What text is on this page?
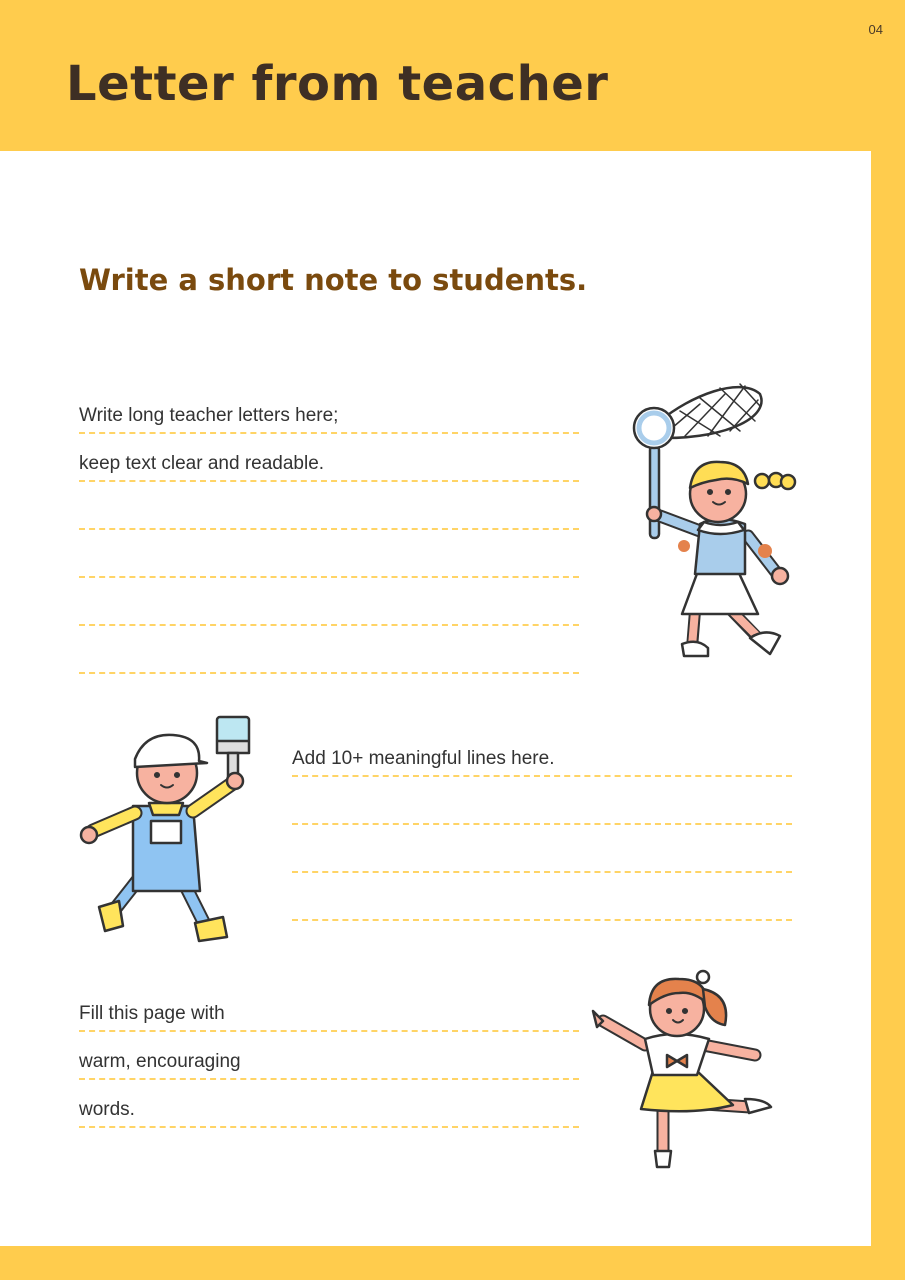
04
Letter from teacher
Write a short note to students.
Write long teacher letters here;
keep text clear and readable.
Add 10+ meaningful lines here.
Fill this page with
warm, encouraging
words.
